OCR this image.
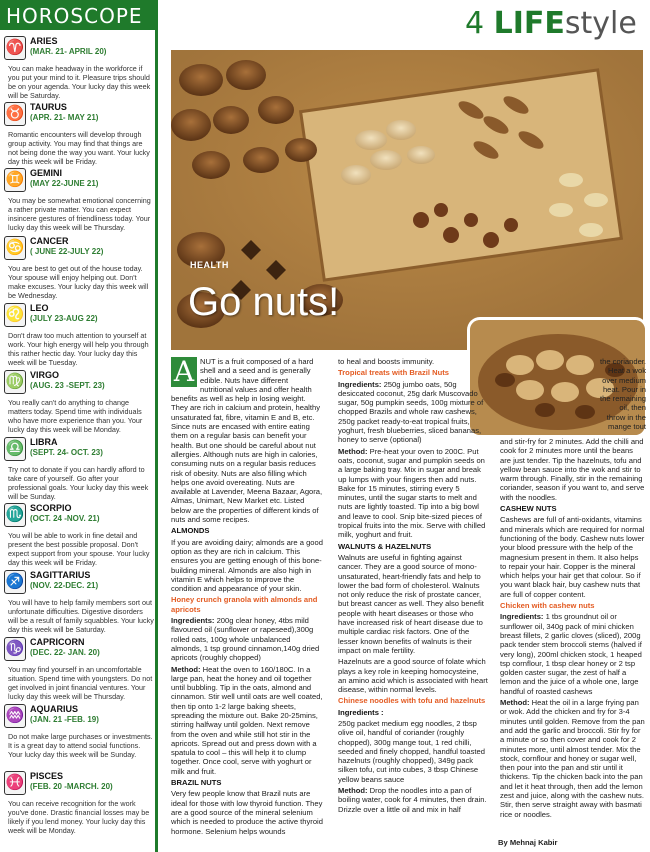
HOROSCOPE
♈ ARIES
(MAR. 21- APRIL 20)
You can make headway in the workforce if you put your mind to it. Pleasure trips should be on your agenda. Your lucky day this week will be Saturday.
♉ TAURUS
(APR. 21- MAY 21)
Romantic encounters will develop through group activity. You may find that things are not being done the way you want. Your lucky day this week will be Friday.
♊ GEMINI
(MAY 22-JUNE 21)
You may be somewhat emotional concerning a rather private matter. You can expect insincere gestures of friendliness today. Your lucky day this week will be Thursday.
♋ CANCER
( JUNE 22-JULY 22)
You are best to get out of the house today. Your spouse will enjoy helping out. Don't make excuses. Your lucky day this week will be Wednesday.
♌ LEO
(JULY 23-AUG 22)
Don't draw too much attention to yourself at work. Your high energy will help you through this rather hectic day. Your lucky day this week will be Tuesday.
♍ VIRGO
(AUG. 23 -SEPT. 23)
You really can't do anything to change matters today. Spend time with individuals who have more experience than you. Your lucky day this week will be Monday.
♎ LIBRA
(SEPT. 24- OCT. 23)
Try not to donate if you can hardly afford to take care of yourself. Go after your professional goals. Your lucky day this week will be Sunday.
♏ SCORPIO
(OCT. 24 -NOV. 21)
You will be able to work in fine detail and present the best possible proposal. Don't expect support from your spouse. Your lucky day this week will be Friday.
♐ SAGITTARIUS
(NOV. 22-DEC. 21)
You will have to help family members sort out unfortunate difficulties. Digestive disorders will be a result of family squabbles. Your lucky day this week will be Saturday.
♑ CAPRICORN
(DEC. 22- JAN. 20)
You may find yourself in an uncomfortable situation. Spend time with youngsters. Do not get involved in joint financial ventures. Your lucky day this week will be Thursday.
♒ AQUARIUS
(JAN. 21 -FEB. 19)
Do not make large purchases or investments. It is a great day to attend social functions. Your lucky day this week will be Sunday.
♓ PISCES
(FEB. 20 -MARCH. 20)
You can receive recognition for the work you've done. Drastic financial losses may be likely if you lend money. Your lucky day this week will be Monday.
4 LIFEstyle
HEALTH
Go nuts!
A NUT is a fruit composed of a hard shell and a seed and is generally edible. Nuts have different nutritional values and offer health benefits as well as help in losing weight. They are rich in calcium and protein, healthy unsaturated fat, fibre, vitamin E and B, etc. Since nuts are encased with entire eating them on a regular basis can benefit your health. But one should be careful about nut allergies. Although nuts are high in calories, consuming nuts on a regular basis reduces risk of obesity. Nuts are also filling which helps one avoid overeating. Nuts are available at Lavender, Meena Bazaar, Agora, Almas, Unimart, New Market etc. Listed below are the properties of different kinds of nuts and some recipes.

ALMONDS

If you are avoiding dairy; almonds are a good option as they are rich in calcium. This ensures you are getting enough of this bone-building mineral. Almonds are also high in vitamin E which helps to improve the condition and appearance of your skin.

Honey crunch granola with almonds and apricots

Ingredients: 200g clear honey, 4tbs mild flavoured oil (sunflower or rapeseed),300g rolled oats, 100g whole unbalanced almonds, 1 tsp ground cinnamon,140g dried apricots (roughly chopped)

Method: Heat the oven to 160/180C. In a large pan, heat the honey and oil together until bubbling. Tip in the oats, almond and cinnamon. Stir well until oats are well coated, then tip onto 1-2 large baking sheets, spreading the mixture out. Bake 20-25mins, stirring halfway until golden. Next remove from the oven and while still hot stir in the apricots. Spread out and press down with a spatula to cool – this will help it to clump together. Once cool, serve with yoghurt or milk and fruit.

BRAZIL NUTS

Very few people know that Brazil nuts are ideal for those with low thyroid function. They are a good source of the mineral selenium which is needed to produce the active thyroid hormone. Selenium helps wounds

to heal and boosts immunity.

Tropical treats with Brazil Nuts

Ingredients: 250g jumbo oats, 50g desiccated coconut, 25g dark Muscovado sugar, 50g pumpkin seeds, 100g mixture of chopped Brazils and whole raw cashews, 250g packet ready-to-eat tropical fruits, yoghurt, fresh blueberries, sliced bananas, honey to serve (optional)

Method: Pre-heat your oven to 200C. Put oats, coconut, sugar and pumpkin seeds on a large baking tray. Mix in sugar and break up lumps with your fingers then add nuts. Bake for 15 minutes, stirring every 5 minutes, until the sugar starts to melt and nuts are lightly toasted. Tip into a big bowl and leave to cool. Snip bite-sized pieces of tropical fruits into the mix. Serve with chilled milk, yoghurt and fruit.

WALNUTS & HAZELNUTS

Walnuts are useful in fighting against cancer. They are a good source of mono-unsaturated, heart-friendly fats and help to lower the bad form of cholesterol. Walnuts not only reduce the risk of prostate cancer, but breast cancer as well. They also benefit people with heart diseases or those who have increased risk of heart disease due to multiple cardiac risk factors. One of the lesser known benefits of walnuts is their impact on male fertility.

Hazelnuts are a good source of folate which plays a key role in keeping homocysteine, an amino acid which is associated with heart disease, within normal levels.

Chinese noodles with tofu and hazelnuts

Ingredients :

250g packet medium egg noodles, 2 tbsp olive oil, handful of coriander (roughly chopped), 300g mange tout, 1 red chilli, seeded and finely chopped, handful toasted hazelnuts (roughly chopped), 349g pack silken tofu, cut into cubes, 3 tbsp Chinese yellow beans sauce

Method: Drop the noodles into a pan of boiling water, cook for 4 minutes, then drain. Drizzle over a little oil and mix in half

the coriander. Heat a wok over medium heat. Pour in the remaining oil, then throw in the mange tout

and stir-fry for 2 minutes. Add the chilli and cook for 2 minutes more until the beans are just tender. Tip the hazelnuts, tofu and yellow bean sauce into the wok and stir to warm through. Finally, stir in the remaining coriander, season if you want to, and serve with the noodles.

CASHEW NUTS

Cashews are full of anti-oxidants, vitamins and minerals which are required for normal functioning of the body. Cashew nuts lower your blood pressure with the help of the magnesium present in them. It also helps to repair your hair. Copper is the mineral which helps your hair get that colour. So if you want black hair, buy cashew nuts that are full of copper content.

Chicken with cashew nuts

Ingredients: 1 tbs groundnut oil or sunflower oil, 340g pack of mini chicken breast fillets, 2 garlic cloves (sliced), 200g pack tender stem broccoli stems (halved if very long), 200ml chicken stock, 1 heaped tsp cornflour, 1 tbsp clear honey or 2 tsp golden caster sugar, the zest of half a lemon and the juice of a whole one, large handful of roasted cashews

Method: Heat the oil in a large frying pan or wok. Add the chicken and fry for 3-4 minutes until golden. Remove from the pan and add the garlic and broccoli. Stir fry for a minute or so then cover and cook for 2 minutes more, until almost tender. Mix the stock, cornflour and honey or sugar well, then pour into the pan and stir until it thickens. Tip the chicken back into the pan and let it heat through, then add the lemon zest and juice, along with the cashew nuts. Stir, then serve straight away with basmati rice or noodles.

By Mehnaj Kabir
